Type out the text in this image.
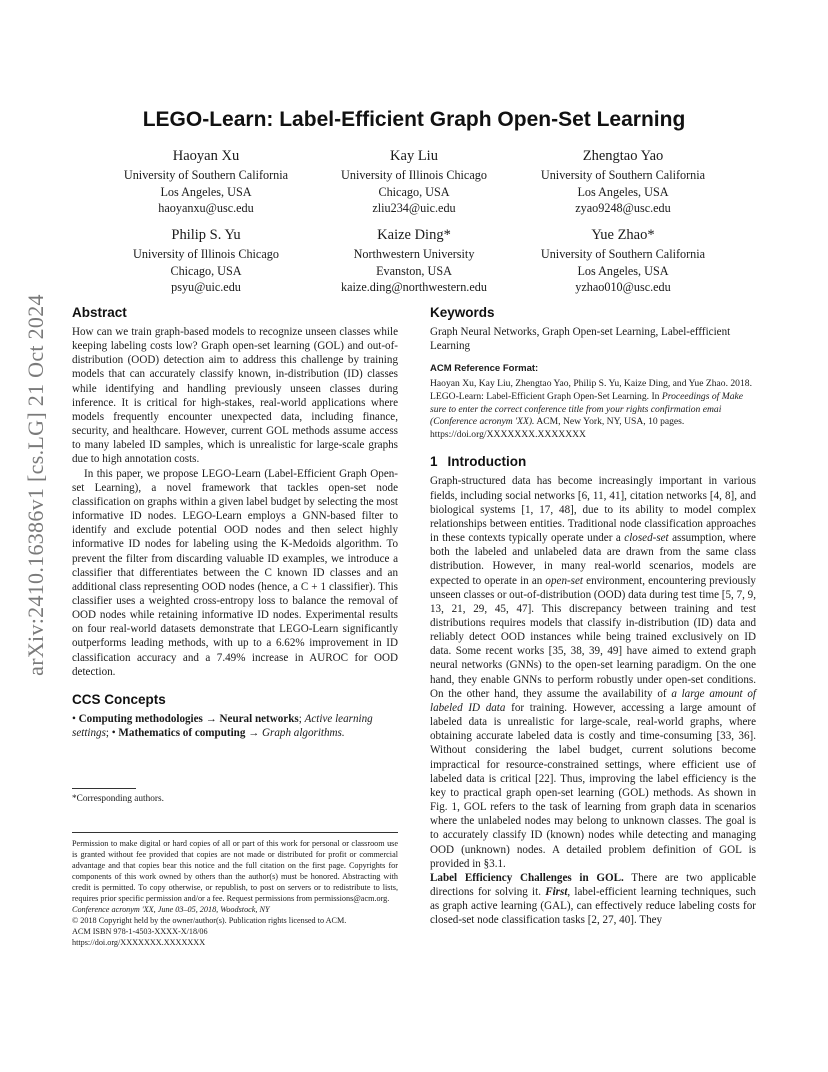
arXiv:2410.16386v1 [cs.LG] 21 Oct 2024
LEGO-Learn: Label-Efficient Graph Open-Set Learning
Haoyan Xu
University of Southern California
Los Angeles, USA
haoyanxu@usc.edu
Kay Liu
University of Illinois Chicago
Chicago, USA
zliu234@uic.edu
Zhengtao Yao
University of Southern California
Los Angeles, USA
zyao9248@usc.edu
Philip S. Yu
University of Illinois Chicago
Chicago, USA
psyu@uic.edu
Kaize Ding*
Northwestern University
Evanston, USA
kaize.ding@northwestern.edu
Yue Zhao*
University of Southern California
Los Angeles, USA
yzhao010@usc.edu
Abstract

How can we train graph-based models to recognize unseen classes while keeping labeling costs low? Graph open-set learning (GOL) and out-of-distribution (OOD) detection aim to address this challenge by training models that can accurately classify known, in-distribution (ID) classes while identifying and handling previously unseen classes during inference. It is critical for high-stakes, real-world applications where models frequently encounter unexpected data, including finance, security, and healthcare. However, current GOL methods assume access to many labeled ID samples, which is unrealistic for large-scale graphs due to high annotation costs.

In this paper, we propose LEGO-Learn (Label-Efficient Graph Open-set Learning), a novel framework that tackles open-set node classification on graphs within a given label budget by selecting the most informative ID nodes. LEGO-Learn employs a GNN-based filter to identify and exclude potential OOD nodes and then select highly informative ID nodes for labeling using the K-Medoids algorithm. To prevent the filter from discarding valuable ID examples, we introduce a classifier that differentiates between the C known ID classes and an additional class representing OOD nodes (hence, a C + 1 classifier). This classifier uses a weighted cross-entropy loss to balance the removal of OOD nodes while retaining informative ID nodes. Experimental results on four real-world datasets demonstrate that LEGO-Learn significantly outperforms leading methods, with up to a 6.62% improvement in ID classification accuracy and a 7.49% increase in AUROC for OOD detection.

CCS Concepts

• Computing methodologies → Neural networks; Active learning settings; • Mathematics of computing → Graph algorithms.

*Corresponding authors.

Permission to make digital or hard copies of all or part of this work for personal or classroom use is granted without fee provided that copies are not made or distributed for profit or commercial advantage and that copies bear this notice and the full citation on the first page. Copyrights for components of this work owned by others than the author(s) must be honored. Abstracting with credit is permitted. To copy otherwise, or republish, to post on servers or to redistribute to lists, requires prior specific permission and/or a fee. Request permissions from permissions@acm.org.

Conference acronym 'XX, June 03–05, 2018, Woodstock, NY

© 2018 Copyright held by the owner/author(s). Publication rights licensed to ACM.

ACM ISBN 978-1-4503-XXXX-X/18/06

https://doi.org/XXXXXXX.XXXXXXX

Keywords

Graph Neural Networks, Graph Open-set Learning, Label-effficient Learning

ACM Reference Format:

Haoyan Xu, Kay Liu, Zhengtao Yao, Philip S. Yu, Kaize Ding, and Yue Zhao. 2018. LEGO-Learn: Label-Efficient Graph Open-Set Learning. In Proceedings of Make sure to enter the correct conference title from your rights confirmation emai (Conference acronym 'XX). ACM, New York, NY, USA, 10 pages. https://doi.org/XXXXXXX.XXXXXXX

1 Introduction

Graph-structured data has become increasingly important in various fields, including social networks [6, 11, 41], citation networks [4, 8], and biological systems [1, 17, 48], due to its ability to model complex relationships between entities. Traditional node classification approaches in these contexts typically operate under a closed-set assumption, where both the labeled and unlabeled data are drawn from the same class distribution. However, in many real-world scenarios, models are expected to operate in an open-set environment, encountering previously unseen classes or out-of-distribution (OOD) data during test time [5, 7, 9, 13, 21, 29, 45, 47]. This discrepancy between training and test distributions requires models that classify in-distribution (ID) data and reliably detect OOD instances while being trained exclusively on ID data. Some recent works [35, 38, 39, 49] have aimed to extend graph neural networks (GNNs) to the open-set learning paradigm. On the one hand, they enable GNNs to perform robustly under open-set conditions. On the other hand, they assume the availability of a large amount of labeled ID data for training. However, accessing a large amount of labeled data is unrealistic for large-scale, real-world graphs, where obtaining accurate labeled data is costly and time-consuming [33, 36]. Without considering the label budget, current solutions become impractical for resource-constrained settings, where efficient use of labeled data is critical [22]. Thus, improving the label efficiency is the key to practical graph open-set learning (GOL) methods. As shown in Fig. 1, GOL refers to the task of learning from graph data in scenarios where the unlabeled nodes may belong to unknown classes. The goal is to accurately classify ID (known) nodes while detecting and managing OOD (unknown) nodes. A detailed problem definition of GOL is provided in §3.1.

Label Efficiency Challenges in GOL. There are two applicable directions for solving it. First, label-efficient learning techniques, such as graph active learning (GAL), can effectively reduce labeling costs for closed-set node classification tasks [2, 27, 40]. They
